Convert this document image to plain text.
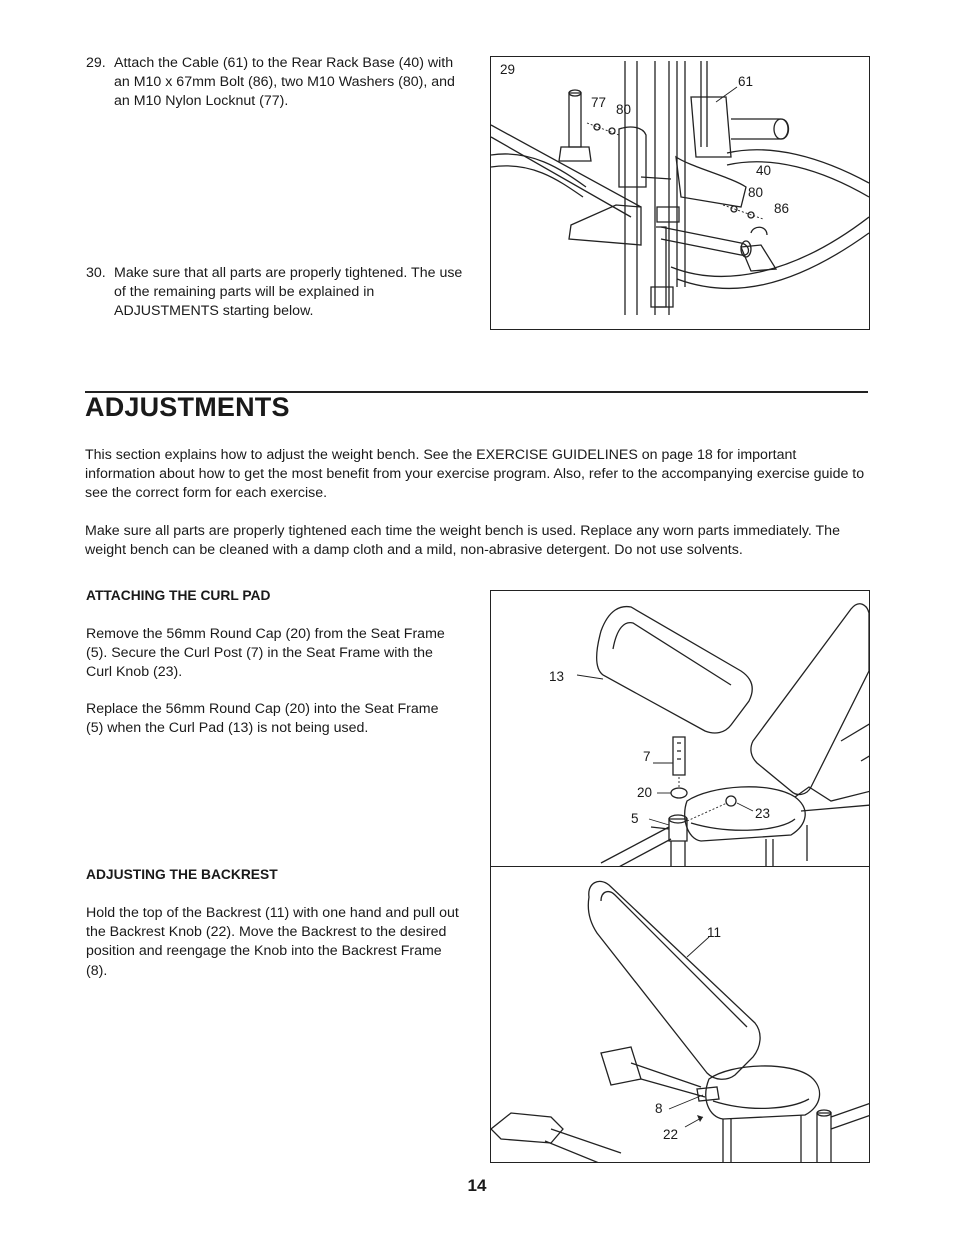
29. Attach the Cable (61) to the Rear Rack Base (40) with an M10 x 67mm Bolt (86), two M10 Washers (80), and an M10 Nylon Locknut (77).
30. Make sure that all parts are properly tightened. The use of the remaining parts will be explained in ADJUSTMENTS starting below.
29
61
77 80
40
80
86
ADJUSTMENTS
This section explains how to adjust the weight bench. See the EXERCISE GUIDELINES on page 18 for important information about how to get the most benefit from your exercise program. Also, refer to the accompanying exercise guide to see the correct form for each exercise.
Make sure all parts are properly tightened each time the weight bench is used. Replace any worn parts immediately. The weight bench can be cleaned with a damp cloth and a mild, non-abrasive detergent. Do not use solvents.
ATTACHING THE CURL PAD
Remove the 56mm Round Cap (20) from the Seat Frame (5). Secure the Curl Post (7) in the Seat Frame with the Curl Knob (23).
Replace the 56mm Round Cap (20) into the Seat Frame (5) when the Curl Pad (13) is not being used.
13
7
20
5	23
ADJUSTING THE BACKREST
Hold the top of the Backrest (11) with one hand and pull out the Backrest Knob (22). Move the Backrest to the desired position and reengage the Knob into the Backrest Frame (8).
11
8
22
14
